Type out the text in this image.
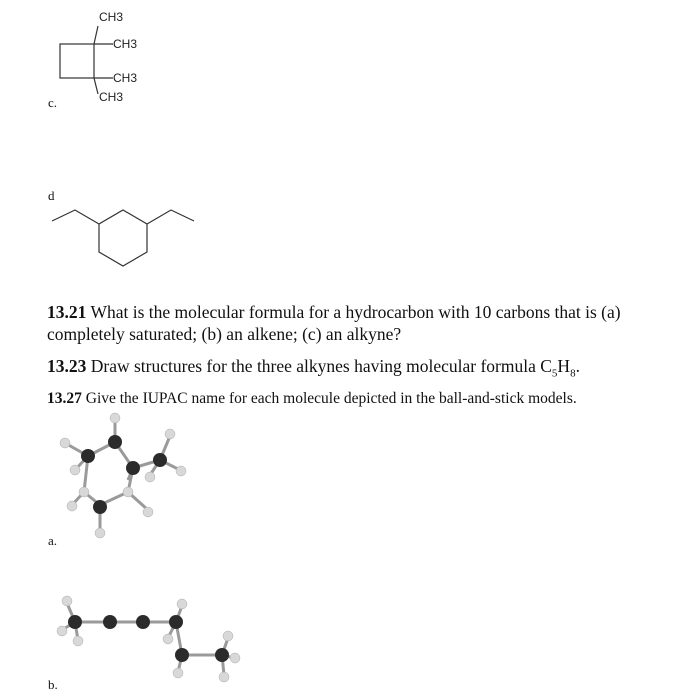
CH3
CH3
CH3
CH3
c.
d
13.21 What is the molecular formula for a hydrocarbon with 10 carbons that is (a) completely saturated; (b) an alkene; (c) an alkyne?
13.23 Draw structures for the three alkynes having molecular formula $C_5H_8$.
13.27 Give the IUPAC name for each molecule depicted in the ball-and-stick models.
a.
b.
